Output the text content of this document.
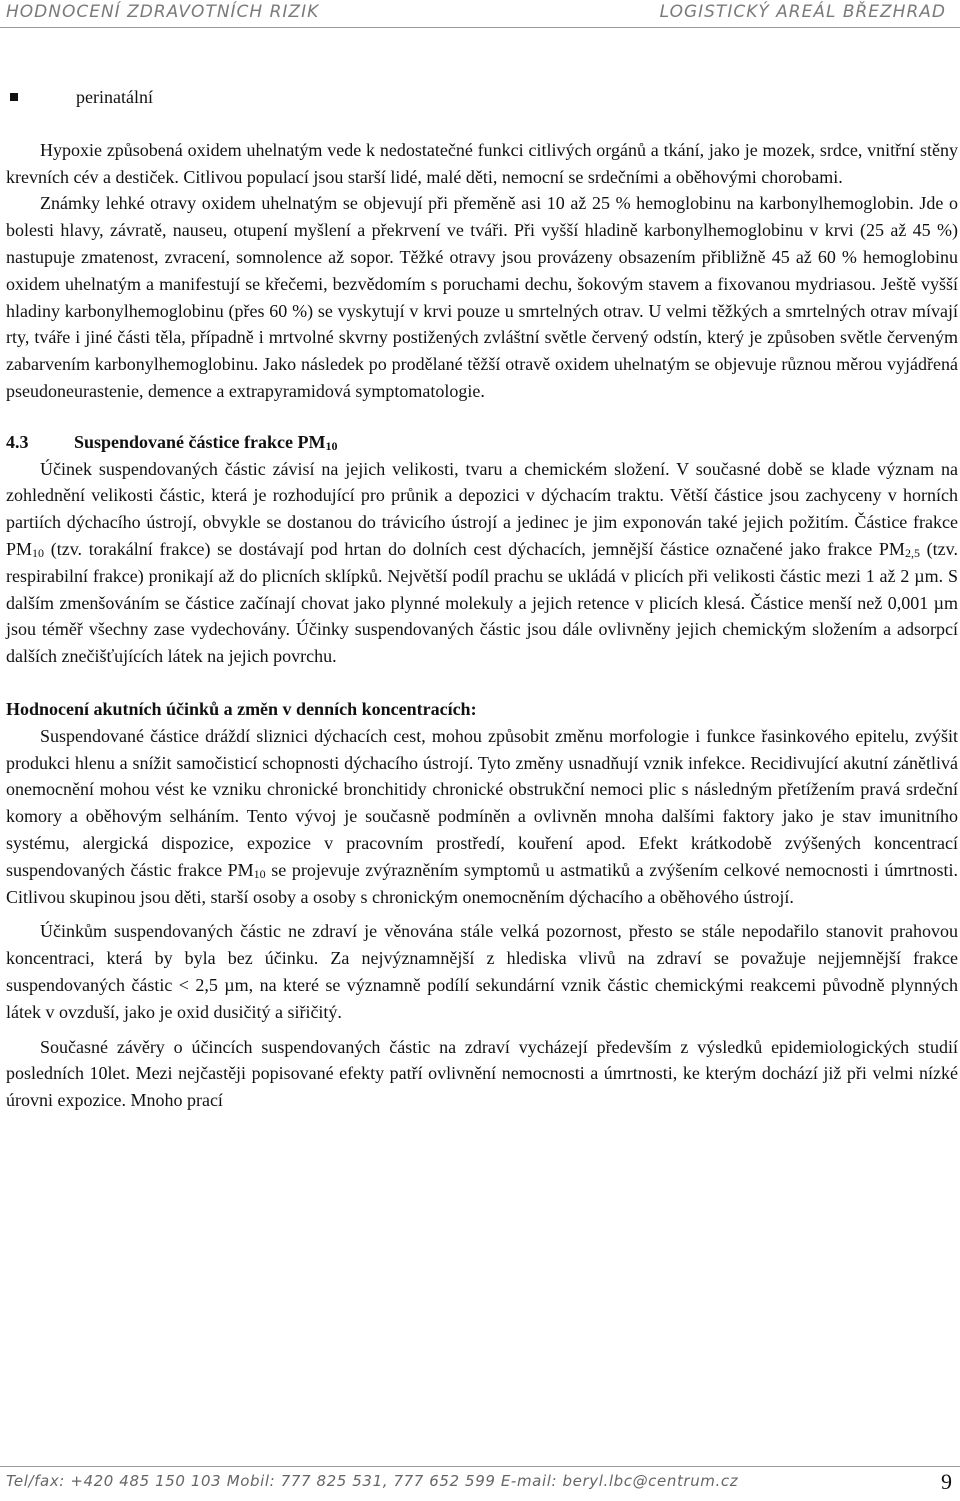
HODNOCENÍ ZDRAVOTNÍCH RIZIK	LOGISTICKÝ AREÁL BŘEZHRAD
perinatální

Hypoxie způsobená oxidem uhelnatým vede k nedostatečné funkci citlivých orgánů a tkání, jako je mozek, srdce, vnitřní stěny krevních cév a destiček. Citlivou populací jsou starší lidé, malé děti, nemocní se srdečními a oběhovými chorobami.

Známky lehké otravy oxidem uhelnatým se objevují při přeměně asi 10 až 25 % hemoglobinu na karbonylhemoglobin. Jde o bolesti hlavy, závratě, nauseu, otupení myšlení a překrvení ve tváři. Při vyšší hladině karbonylhemoglobinu v krvi (25 až 45 %) nastupuje zmatenost, zvracení, somnolence až sopor. Těžké otravy jsou provázeny obsazením přibližně 45 až 60 % hemoglobinu oxidem uhelnatým a manifestují se křečemi, bezvědomím s poruchami dechu, šokovým stavem a fixovanou mydriasou. Ještě vyšší hladiny karbonylhemoglobinu (přes 60 %) se vyskytují v krvi pouze u smrtelných otrav. U velmi těžkých a smrtelných otrav mívají rty, tváře i jiné části těla, případně i mrtvolné skvrny postižených zvláštní světle červený odstín, který je způsoben světle červeným zabarvením karbonylhemoglobinu. Jako následek po prodělané těžší otravě oxidem uhelnatým se objevuje různou měrou vyjádřená pseudoneurastenie, demence a extrapyramidová symptomatologie.

4.3	Suspendované částice frakce $PM_{10}$

Účinek suspendovaných částic závisí na jejich velikosti, tvaru a chemickém složení. V současné době se klade význam na zohlednění velikosti částic, která je rozhodující pro průnik a depozici v dýchacím traktu. Větší částice jsou zachyceny v horních partiích dýchacího ústrojí, obvykle se dostanou do trávicího ústrojí a jedinec je jim exponován také jejich požitím. Částice frakce $PM_{10}$ (tzv. torakální frakce) se dostávají pod hrtan do dolních cest dýchacích, jemnější částice označené jako frakce $PM_{2,5}$ (tzv. respirabilní frakce) pronikají až do plicních sklípků. Největší podíl prachu se ukládá v plicích při velikosti částic mezi 1 až 2 µm. S dalším zmenšováním se částice začínají chovat jako plynné molekuly a jejich retence v plicích klesá. Částice menší než 0,001 µm jsou téměř všechny zase vydechovány. Účinky suspendovaných částic jsou dále ovlivněny jejich chemickým složením a adsorpcí dalších znečišťujících látek na jejich povrchu.

Hodnocení akutních účinků a změn v denních koncentracích:

Suspendované částice dráždí sliznici dýchacích cest, mohou způsobit změnu morfologie i funkce řasinkového epitelu, zvýšit produkci hlenu a snížit samočisticí schopnosti dýchacího ústrojí. Tyto změny usnadňují vznik infekce. Recidivující akutní zánětlivá onemocnění mohou vést ke vzniku chronické bronchitidy chronické obstrukční nemoci plic s následným přetížením pravá srdeční komory a oběhovým selháním. Tento vývoj je současně podmíněn a ovlivněn mnoha dalšími faktory jako je stav imunitního systému, alergická dispozice, expozice v pracovním prostředí, kouření apod. Efekt krátkodobě zvýšených koncentrací suspendovaných částic frakce $PM_{10}$ se projevuje zvýrazněním symptomů u astmatiků a zvýšením celkové nemocnosti i úmrtnosti. Citlivou skupinou jsou děti, starší osoby a osoby s chronickým onemocněním dýchacího a oběhového ústrojí.

Účinkům suspendovaných částic ne zdraví je věnována stále velká pozornost, přesto se stále nepodařilo stanovit prahovou koncentraci, která by byla bez účinku. Za nejvýznamnější z hlediska vlivů na zdraví se považuje nejjemnější frakce suspendovaných částic < 2,5 µm, na které se významně podílí sekundární vznik částic chemickými reakcemi původně plynných látek v ovzduší, jako je oxid dusičitý a siřičitý.

Současné závěry o účincích suspendovaných částic na zdraví vycházejí především z výsledků epidemiologických studií posledních 10let. Mezi nejčastěji popisované efekty patří ovlivnění nemocnosti a úmrtnosti, ke kterým dochází již při velmi nízké úrovni expozice. Mnoho prací

Tel/fax: +420 485 150 103 Mobil: 777 825 531, 777 652 599 E-mail: beryl.lbc@centrum.cz	9
